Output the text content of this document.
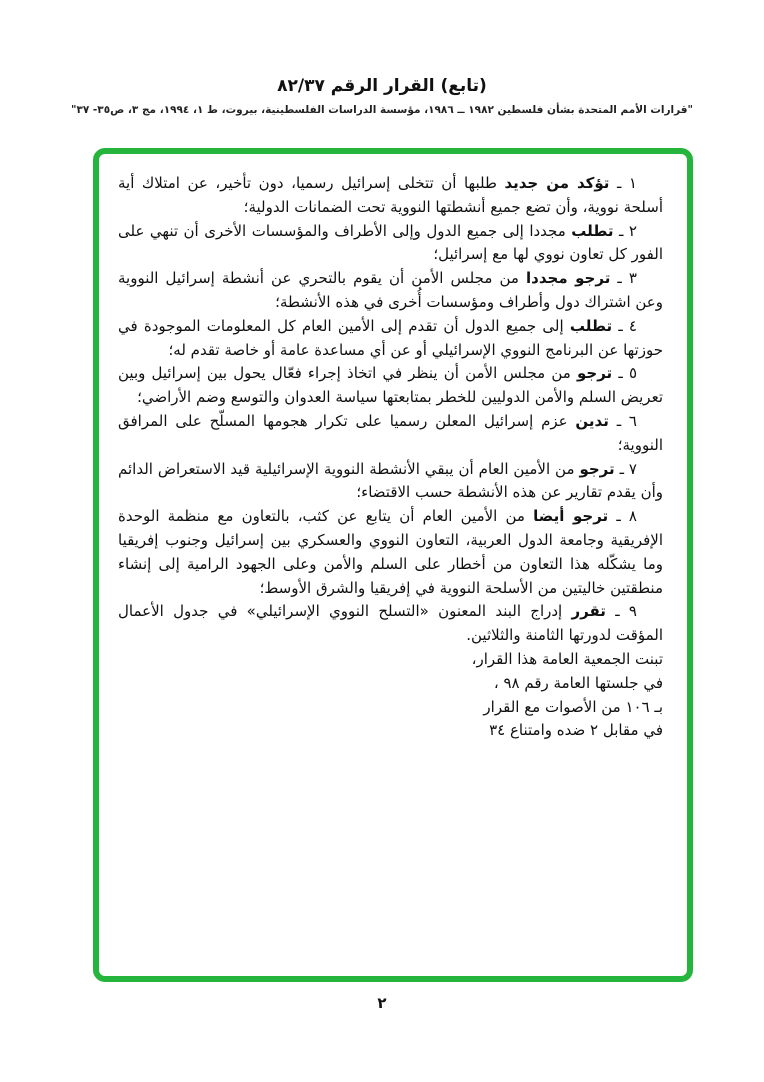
(تابع) القرار الرقم ٨٢/٣٧
"قرارات الأمم المتحدة بشأن فلسطين ١٩٨٢ ــ ١٩٨٦، مؤسسة الدراسات الفلسطينية، بيروت، ط ١، ١٩٩٤، مج ٣، ص٣٥- ٣٧"

١ ـ تؤكد من جديد طلبها أن تتخلى إسرائيل رسميا، دون تأخير، عن امتلاك أية أسلحة نووية، وأن تضع جميع أنشطتها النووية تحت الضمانات الدولية؛

٢ ـ تطلب مجددا إلى جميع الدول وإلى الأطراف والمؤسسات الأخرى أن تنهي على الفور كل تعاون نووي لها مع إسرائيل؛

٣ ـ ترجو مجددا من مجلس الأمن أن يقوم بالتحري عن أنشطة إسرائيل النووية وعن اشتراك دول وأطراف ومؤسسات أُخرى في هذه الأنشطة؛

٤ ـ تطلب إلى جميع الدول أن تقدم إلى الأمين العام كل المعلومات الموجودة في حوزتها عن البرنامج النووي الإسرائيلي أو عن أي مساعدة عامة أو خاصة تقدم له؛

٥ ـ ترجو من مجلس الأمن أن ينظر في اتخاذ إجراء فعّال يحول بين إسرائيل وبين تعريض السلم والأمن الدوليين للخطر بمتابعتها سياسة العدوان والتوسع وضم الأراضي؛

٦ ـ تدين عزم إسرائيل المعلن رسميا على تكرار هجومها المسلّح على المرافق النووية؛

٧ ـ ترجو من الأمين العام أن يبقي الأنشطة النووية الإسرائيلية قيد الاستعراض الدائم وأن يقدم تقارير عن هذه الأنشطة حسب الاقتضاء؛

٨ ـ ترجو أيضا من الأمين العام أن يتابع عن كثب، بالتعاون مع منظمة الوحدة الإفريقية وجامعة الدول العربية، التعاون النووي والعسكري بين إسرائيل وجنوب إفريقيا وما يشكّله هذا التعاون من أخطار على السلم والأمن وعلى الجهود الرامية إلى إنشاء منطقتين خاليتين من الأسلحة النووية في إفريقيا والشرق الأوسط؛

٩ ـ تقرر إدراج البند المعنون «التسلح النووي الإسرائيلي» في جدول الأعمال المؤقت لدورتها الثامنة والثلاثين.

تبنت الجمعية العامة هذا القرار،

في جلستها العامة رقم ٩٨ ،

بـ ١٠٦ من الأصوات مع القرار

في مقابل ٢ ضده وامتناع ٣٤

٢
